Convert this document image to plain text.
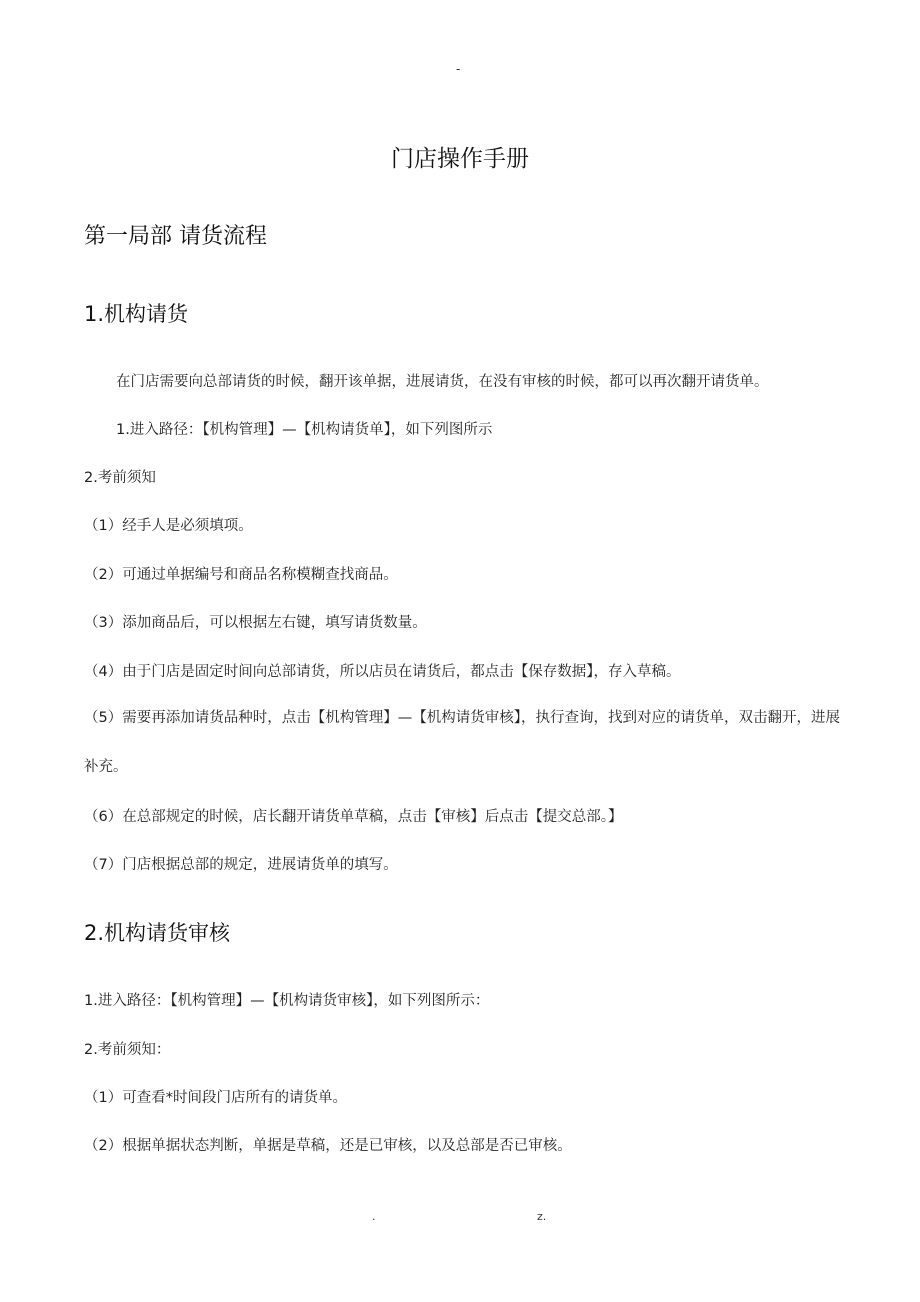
-
门店操作手册
第一局部 请货流程
1.机构请货
在门店需要向总部请货的时候，翻开该单据，进展请货，在没有审核的时候，都可以再次翻开请货单。
1.进入路径：【机构管理】—【机构请货单】，如下列图所示
2.考前须知
（1）经手人是必须填项。
（2）可通过单据编号和商品名称模糊查找商品。
（3）添加商品后，可以根据左右键，填写请货数量。
（4）由于门店是固定时间向总部请货，所以店员在请货后，都点击【保存数据】，存入草稿。
（5）需要再添加请货品种时，点击【机构管理】—【机构请货审核】，执行查询，找到对应的请货单，双击翻开，进展补充。
（6）在总部规定的时候，店长翻开请货单草稿，点击【审核】后点击【提交总部。】
（7）门店根据总部的规定，进展请货单的填写。
2.机构请货审核
1.进入路径：【机构管理】—【机构请货审核】，如下列图所示：
2.考前须知：
（1）可查看*时间段门店所有的请货单。
（2）根据单据状态判断，单据是草稿，还是已审核，以及总部是否已审核。
.	z.
